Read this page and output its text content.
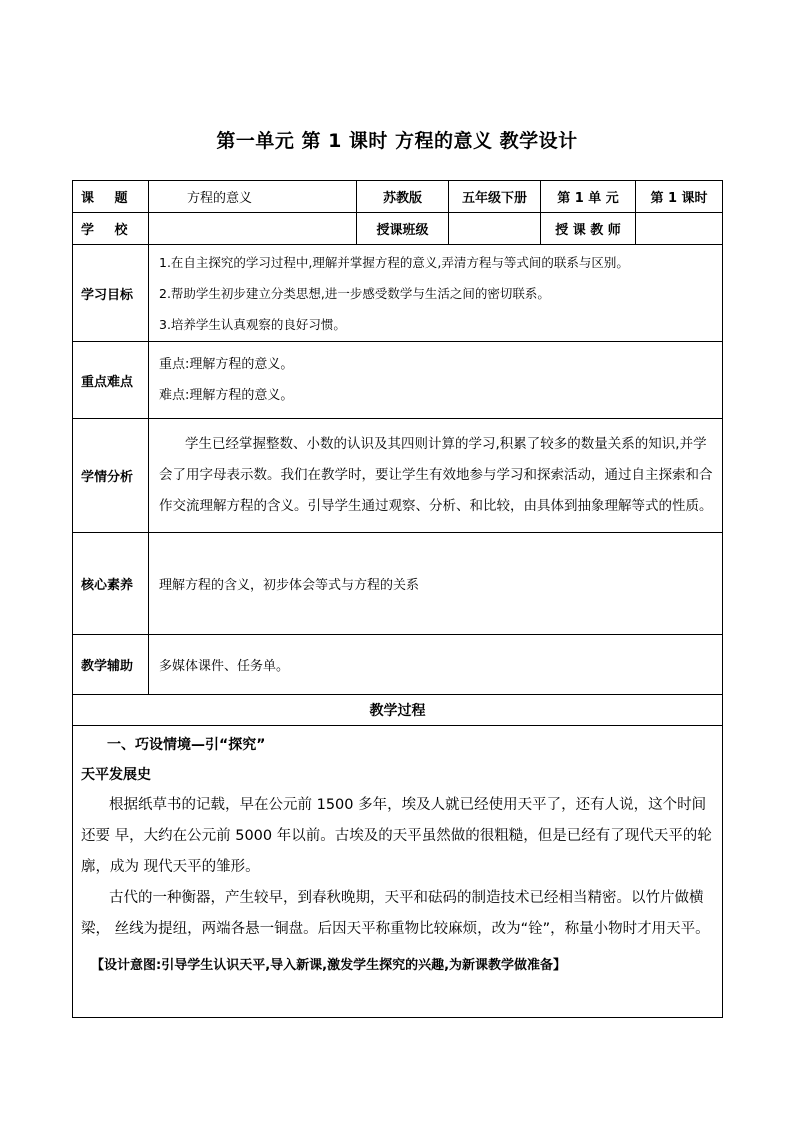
第一单元 第 1 课时 方程的意义 教学设计
课 题	方程的意义	苏教版	五年级下册	第 1 单 元	第 1 课时
学 校		授课班级		授 课 教 师	
学习目标	1.在自主探究的学习过程中,理解并掌握方程的意义,弄清方程与等式间的联系与区别。
2.帮助学生初步建立分类思想,进一步感受数学与生活之间的密切联系。
3.培养学生认真观察的良好习惯。				

重点难点	重点:理解方程的意义。
难点:理解方程的意义。				

学情分析	学生已经掌握整数、小数的认识及其四则计算的学习,积累了较多的数量关系的知识,并学会了用字母表示数。我们在教学时，要让学生有效地参与学习和探索活动，通过自主探索和合作交流理解方程的含义。引导学生通过观察、分析、和比较，由具体到抽象理解等式的性质。				

核心素养	理解方程的含义，初步体会等式与方程的关系				
教学辅助	多媒体课件、任务单。				
教学过程					

一、巧设情境—引“探究”
天平发展史

根据纸草书的记载，早在公元前 1500 多年，埃及人就已经使用天平了，还有人说，这个时间还要 早，大约在公元前 5000 年以前。古埃及的天平虽然做的很粗糙，但是已经有了现代天平的轮廓，成为 现代天平的雏形。

古代的一种衡器，产生较早，到春秋晚期，天平和砝码的制造技术已经相当精密。以竹片做横梁， 丝线为提纽，两端各悬一铜盘。后因天平称重物比较麻烦，改为“铨”，称量小物时才用天平。

【设计意图:引导学生认识天平,导入新课,激发学生探究的兴趣,为新课教学做准备】					
